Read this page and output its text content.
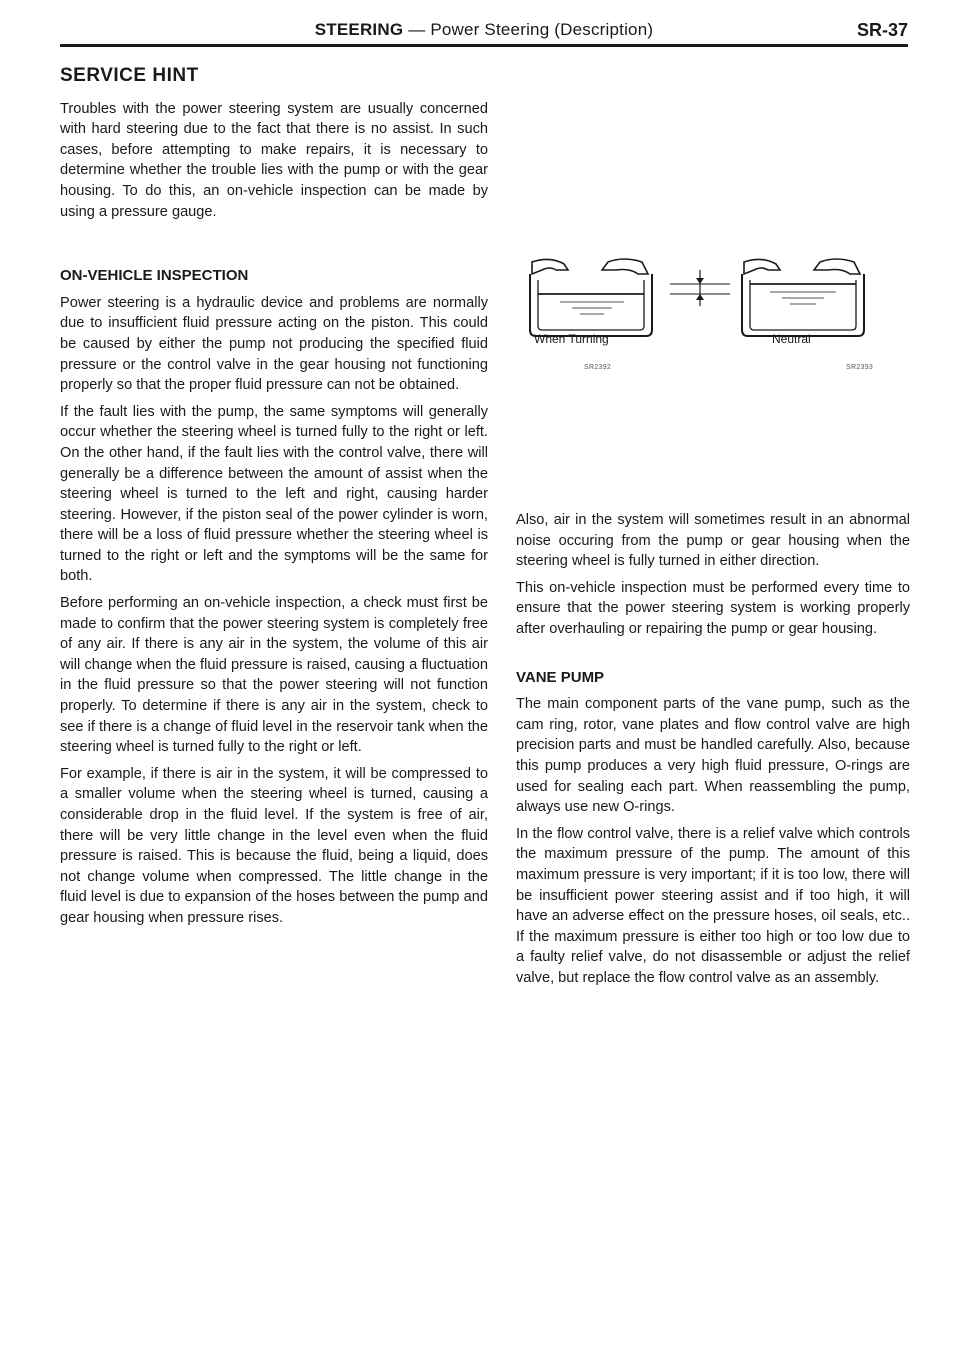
STEERING — Power Steering (Description)	SR-37
SERVICE HINT

Troubles with the power steering system are usually concerned with hard steering due to the fact that there is no assist. In such cases, before attempting to make repairs, it is necessary to determine whether the trouble lies with the pump or with the gear housing. To do this, an on-vehicle inspection can be made by using a pressure gauge.

ON-VEHICLE INSPECTION

Power steering is a hydraulic device and problems are normally due to insufficient fluid pressure acting on the piston. This could be caused by either the pump not producing the specified fluid pressure or the control valve in the gear housing not functioning properly so that the proper fluid pressure can not be obtained.

If the fault lies with the pump, the same symptoms will generally occur whether the steering wheel is turned fully to the right or left. On the other hand, if the fault lies with the control valve, there will generally be a difference between the amount of assist when the steering wheel is turned to the left and right, causing harder steering. However, if the piston seal of the power cylinder is worn, there will be a loss of fluid pressure whether the steering wheel is turned to the right or left and the symptoms will be the same for both.

Before performing an on-vehicle inspection, a check must first be made to confirm that the power steering system is completely free of any air. If there is any air in the system, the volume of this air will change when the fluid pressure is raised, causing a fluctuation in the fluid pressure so that the power steering will not function properly. To determine if there is any air in the system, check to see if there is a change of fluid level in the reservoir tank when the steering wheel is turned fully to the right or left.

For example, if there is air in the system, it will be compressed to a smaller volume when the steering wheel is turned, causing a considerable drop in the fluid level. If the system is free of air, there will be very little change in the level even when the fluid pressure is raised. This is because the fluid, being a liquid, does not change volume when compressed. The little change in the fluid level is due to expansion of the hoses between the pump and gear housing when pressure rises.

When Turning	Neutral
SR2392	SR2393

Also, air in the system will sometimes result in an abnormal noise occuring from the pump or gear housing when the steering wheel is fully turned in either direction.

This on-vehicle inspection must be performed every time to ensure that the power steering system is working properly after overhauling or repairing the pump or gear housing.

VANE PUMP

The main component parts of the vane pump, such as the cam ring, rotor, vane plates and flow control valve are high precision parts and must be handled carefully. Also, because this pump produces a very high fluid pressure, O-rings are used for sealing each part. When reassembling the pump, always use new O-rings.

In the flow control valve, there is a relief valve which controls the maximum pressure of the pump. The amount of this maximum pressure is very important; if it is too low, there will be insufficient power steering assist and if too high, it will have an adverse effect on the pressure hoses, oil seals, etc.. If the maximum pressure is either too high or too low due to a faulty relief valve, do not disassemble or adjust the relief valve, but replace the flow control valve as an assembly.
